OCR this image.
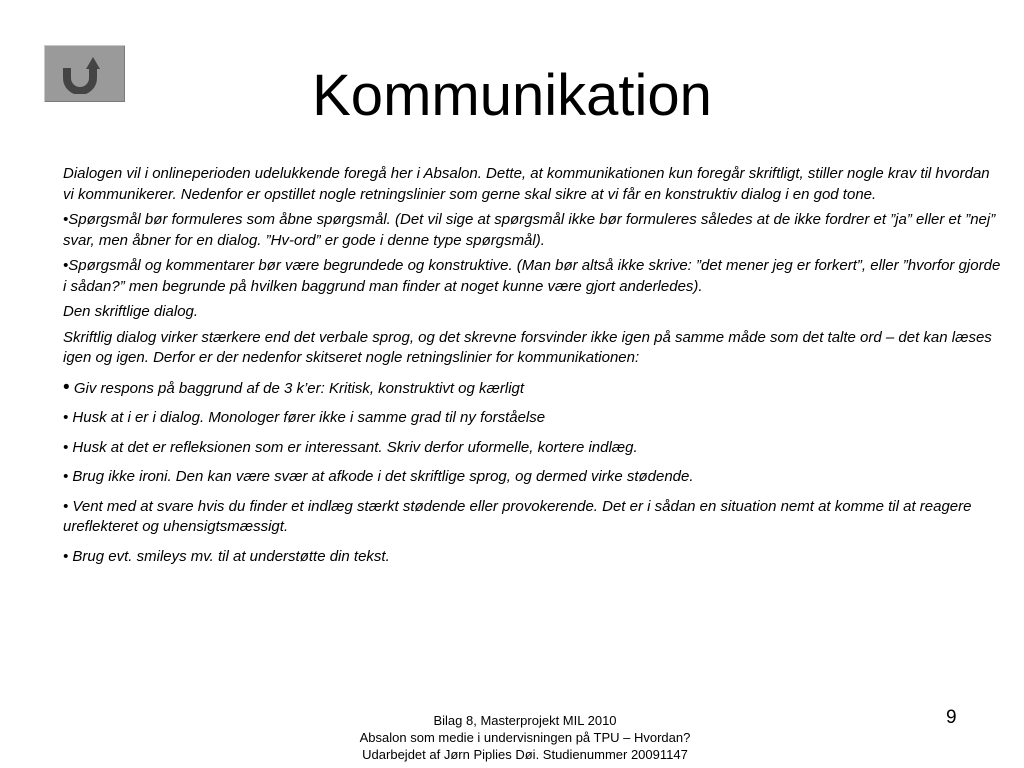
Kommunikation

Dialogen vil i onlineperioden udelukkende foregå her i Absalon. Dette, at kommunikationen kun foregår skriftligt, stiller nogle krav til hvordan vi kommunikerer. Nedenfor er opstillet nogle retningslinier som gerne skal sikre at vi får en konstruktiv dialog i en god tone.

•Spørgsmål bør formuleres som åbne spørgsmål. (Det vil sige at spørgsmål ikke bør formuleres således at de ikke fordrer et ”ja” eller et ”nej” svar, men åbner for en dialog. ”Hv-ord” er gode i denne type spørgsmål).

•Spørgsmål og kommentarer bør være begrundede og konstruktive. (Man bør altså ikke skrive: ”det mener jeg er forkert”, eller ”hvorfor gjorde i sådan?” men begrunde på hvilken baggrund man finder at noget kunne være gjort anderledes).

Den skriftlige dialog.

Skriftlig dialog virker stærkere end det verbale sprog, og det skrevne forsvinder ikke igen på samme måde som det talte ord – det kan læses igen og igen. Derfor er der nedenfor skitseret nogle retningslinier for kommunikationen:

• Giv respons på baggrund af de 3 k’er: Kritisk, konstruktivt og kærligt

• Husk at i er i dialog. Monologer fører ikke i samme grad til ny forståelse

• Husk at det er refleksionen som er interessant. Skriv derfor uformelle, kortere indlæg.

• Brug ikke ironi. Den kan være svær at afkode i det skriftlige sprog, og dermed virke stødende.

• Vent med at svare hvis du finder et indlæg stærkt stødende eller provokerende. Det er i sådan en situation nemt at komme til at reagere ureflekteret og uhensigtsmæssigt.

• Brug evt. smileys mv. til at understøtte din tekst.

Bilag 8, Masterprojekt MIL 2010
Absalon som medie i undervisningen på TPU – Hvordan?
Udarbejdet af Jørn Piplies Døi. Studienummer 20091147
9
